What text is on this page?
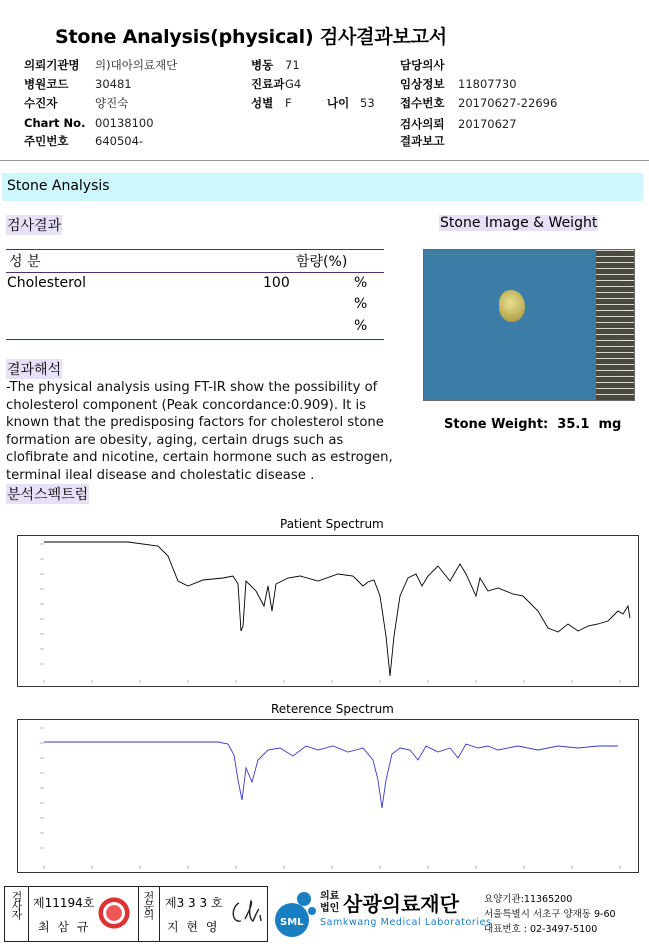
Stone Analysis(physical) 검사결과보고서
의뢰기관명 의)대아의료재단
병원코드 30481
수진자	양진숙
Chart No. 00138100
주민번호 640504-
병동 71
진료과G4
성별 F	나이 53
담당의사
임상정보 11807730
접수번호 20170627-22696
검사의뢰 20170627
결과보고
Stone Analysis
검사결과
성 분	함량(%)
Cholesterol	100	%
%
%
결과해석
-The physical analysis using FT-IR show the possibility of cholesterol component (Peak concordance:0.909). It is known that the predisposing factors for cholesterol stone formation are obesity, aging, certain drugs such as clofibrate and nicotine, certain hormone such as estrogen, terminal ileal disease and cholestatic disease .
분석스펙트럼
Stone Image & Weight
Stone Weight: 35.1 mg
Patient Spectrum
Reterence Spectrum
검사자 제11194호
최 삼 규
전문의 제3 3 3 호
지 현 영	SML
의료법인 삼광의료재단
Samkwang Medical Laboratories
요양기관:11365200
서울특별시 서초구 양재동 9-60
대표번호 : 02-3497-5100
